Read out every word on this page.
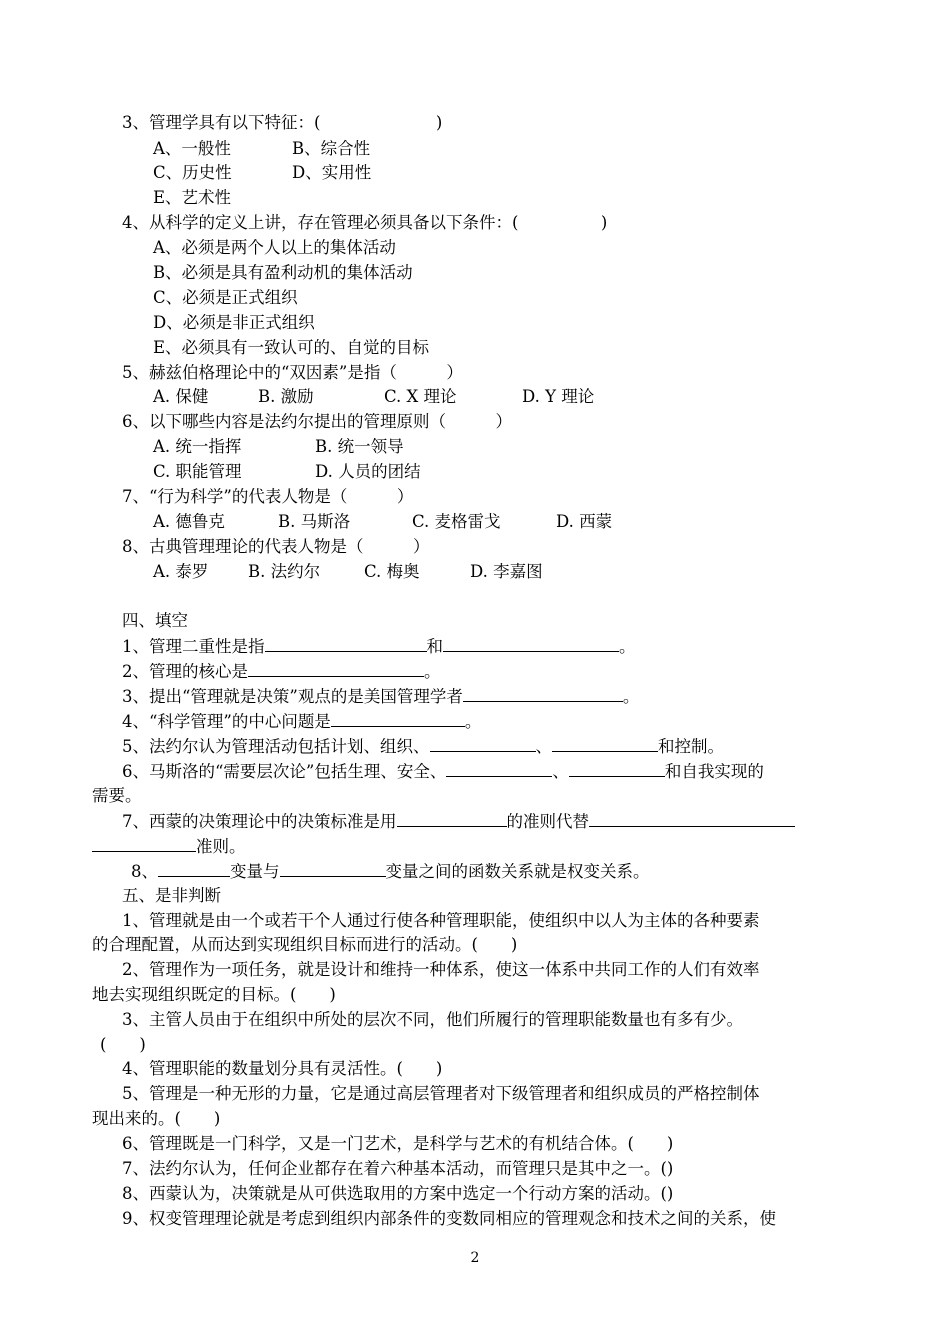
3、管理学具有以下特征：(　　　　　　　)
A、一般性	B、综合性
C、历史性	D、实用性
E、艺术性
4、从科学的定义上讲，存在管理必须具备以下条件：(　　　　　)
A、必须是两个人以上的集体活动
B、必须是具有盈利动机的集体活动
C、必须是正式组织
D、必须是非正式组织
E、必须具有一致认可的、自觉的目标
5、赫兹伯格理论中的“双因素”是指（　　　）
A. 保健	B. 激励	C. X 理论	D. Y 理论
6、以下哪些内容是法约尔提出的管理原则（　　　）
A. 统一指挥	B. 统一领导
C. 职能管理	D. 人员的团结
7、“行为科学”的代表人物是（　　　）
A. 德鲁克	B. 马斯洛	C. 麦格雷戈	D. 西蒙
8、古典管理理论的代表人物是（　　　）
A. 泰罗 B. 法约尔	C. 梅奥	D. 李嘉图
四、填空
1、管理二重性是指	和	。
2、管理的核心是	。
3、提出“管理就是决策”观点的是美国管理学者	。
4、“科学管理”的中心问题是	。
5、法约尔认为管理活动包括计划、组织、	、	和控制。
6、马斯洛的“需要层次论”包括生理、安全、	、	和自我实现的
需要。
7、西蒙的决策理论中的决策标准是用	的准则代替
准则。
8、	变量与	变量之间的函数关系就是权变关系。
五、是非判断
1、管理就是由一个或若干个人通过行使各种管理职能，使组织中以人为主体的各种要素
的合理配置，从而达到实现组织目标而进行的活动。(　　)
2、管理作为一项任务，就是设计和维持一种体系，使这一体系中共同工作的人们有效率
地去实现组织既定的目标。(　　)
3、主管人员由于在组织中所处的层次不同，他们所履行的管理职能数量也有多有少。
(　　)
4、管理职能的数量划分具有灵活性。(　　)
5、管理是一种无形的力量，它是通过高层管理者对下级管理者和组织成员的严格控制体
现出来的。(　　)
6、管理既是一门科学，又是一门艺术，是科学与艺术的有机结合体。(　　)
7、法约尔认为，任何企业都存在着六种基本活动，而管理只是其中之一。()
8、西蒙认为，决策就是从可供选取用的方案中选定一个行动方案的活动。()
9、权变管理理论就是考虑到组织内部条件的变数同相应的管理观念和技术之间的关系，使
2
